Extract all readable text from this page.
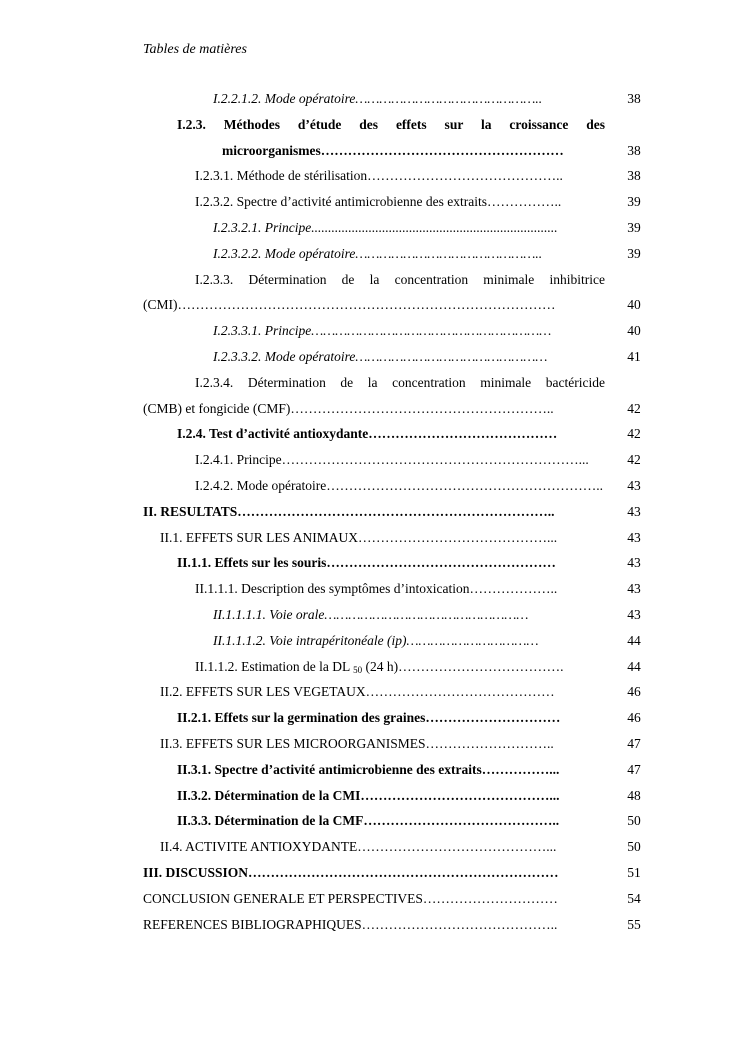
Tables de matières
I.2.2.1.2. Mode opératoire………………………………………..	38
I.2.3. Méthodes d’étude des effets sur la croissance des
microorganismes………………………………………………	38
I.2.3.1. Méthode de stérilisation……………………………………..	38
I.2.3.2. Spectre d’activité antimicrobienne des extraits……………..	39
I.2.3.2.1. Principe.........................................................................	39
I.2.3.2.2. Mode opératoire………………………………………..	39
I.2.3.3. Détermination de la concentration minimale inhibitrice
(CMI)…………………………………………………………………………	40
I.2.3.3.1. Principe……………………………………………………	40
I.2.3.3.2. Mode opératoire…………………………………………	41
I.2.3.4. Détermination de la concentration minimale bactéricide
(CMB) et fongicide (CMF)…………………………………………………..	42
I.2.4. Test d’activité antioxydante……………………………………	42
I.2.4.1. Principe…………………………………………………………...	42
I.2.4.2. Mode opératoire……………………………………………………..	43
II. RESULTATS……………………………………………………………..	43
II.1. EFFETS SUR LES ANIMAUX……………………………………...	43
II.1.1. Effets sur les souris……………………………………………	43
II.1.1.1. Description des symptômes d’intoxication………………..	43
II.1.1.1.1. Voie orale……………………………………………	43
II.1.1.1.2. Voie intrapéritonéale (ip)……………………………	44
II.1.1.2. Estimation de la DL $_{50}$ (24 h)……………………………….	44
II.2. EFFETS SUR LES VEGETAUX……………………………………	46
II.2.1. Effets sur la germination des graines…………………………	46
II.3. EFFETS SUR LES MICROORGANISMES………………………..	47
II.3.1. Spectre d’activité antimicrobienne des extraits……………...	47
II.3.2. Détermination de la CMI……………………………………...	48
II.3.3. Détermination de la CMF……………………………………..	50
II.4. ACTIVITE ANTIOXYDANTE……………………………………...	50
III. DISCUSSION……………………………………………………………	51
CONCLUSION GENERALE ET PERSPECTIVES…………………………	54
REFERENCES BIBLIOGRAPHIQUES……………………………………..	55
